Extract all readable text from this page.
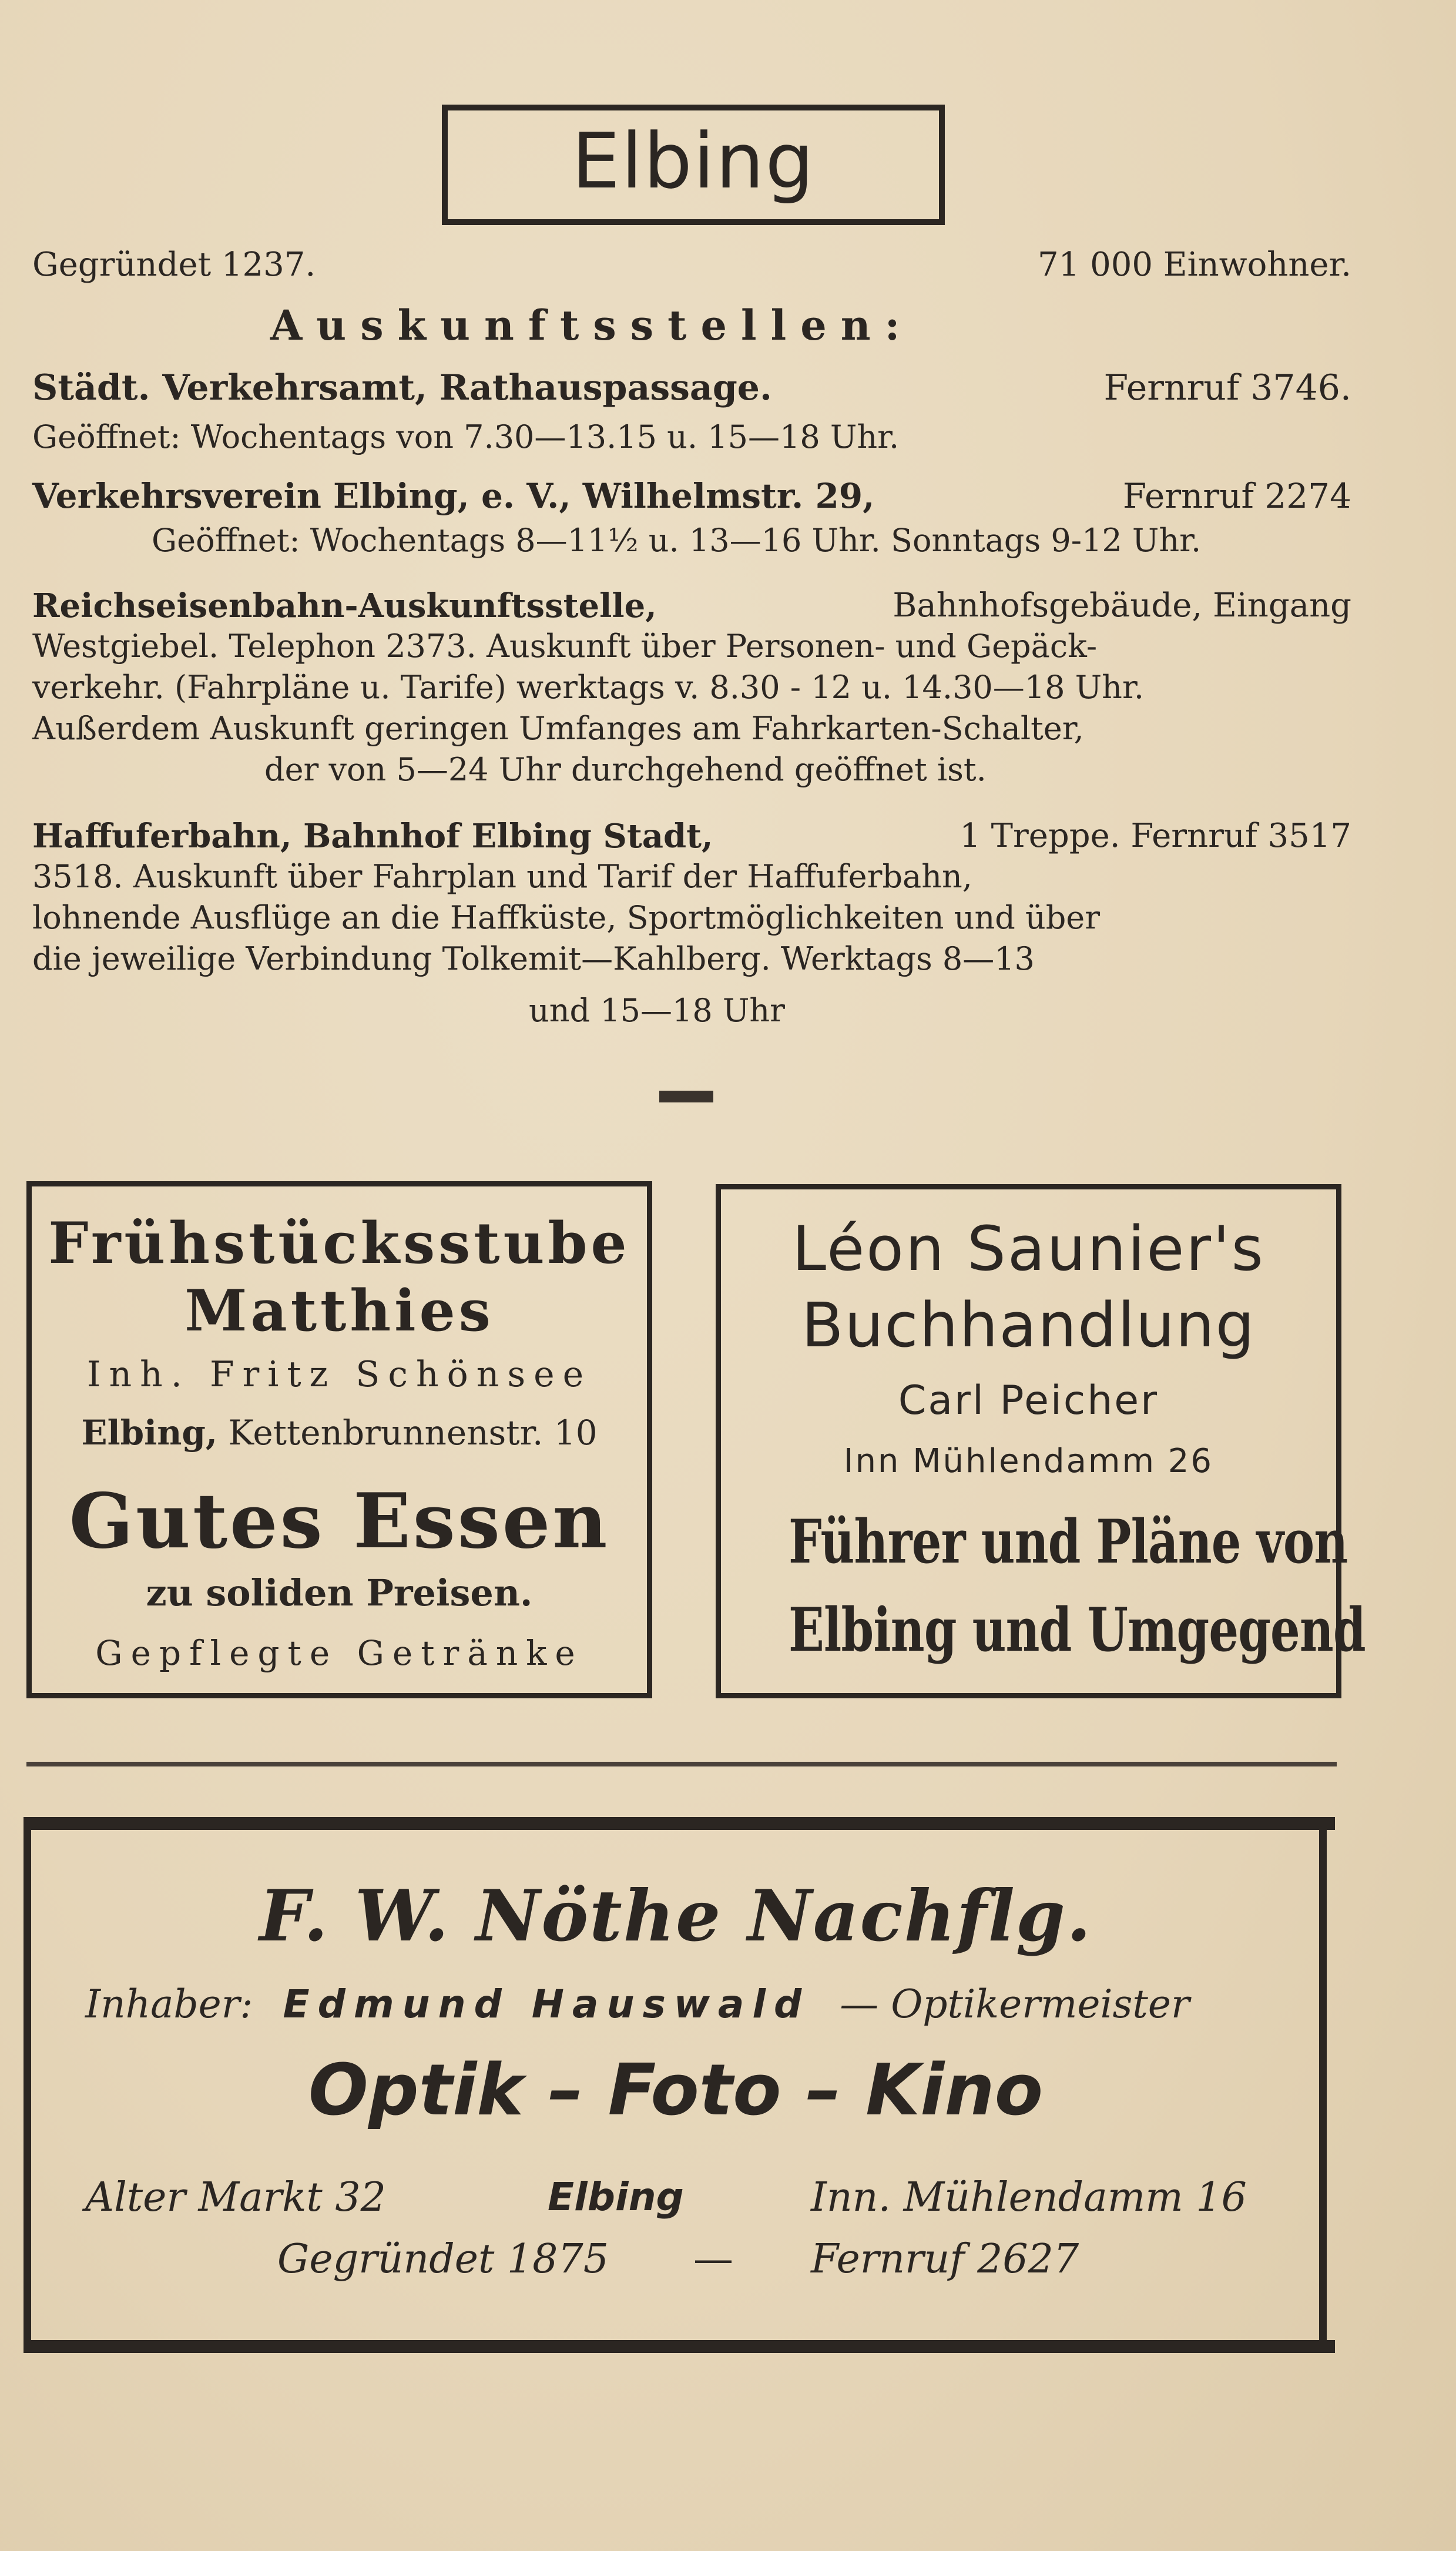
Elbing
Gegründet 1237.	71 000 Einwohner.
Auskunftsstellen:
Städt. Verkehrsamt, Rathauspassage.	Fernruf 3746.
Geöffnet: Wochentags von 7.30—13.15 u. 15—18 Uhr.
Verkehrsverein Elbing, e. V., Wilhelmstr. 29,	Fernruf 2274
Geöffnet: Wochentags 8—11½ u. 13—16 Uhr. Sonntags 9-12 Uhr.
Reichseisenbahn-Auskunftsstelle,	Bahnhofsgebäude, Eingang
Westgiebel. Telephon 2373. Auskunft über Personen- und Gepäck-
verkehr. (Fahrpläne u. Tarife) werktags v. 8.30 - 12 u. 14.30—18 Uhr.
Außerdem Auskunft geringen Umfanges am Fahrkarten-Schalter,
der von 5—24 Uhr durchgehend geöffnet ist.
Haffuferbahn, Bahnhof Elbing Stadt,	1 Treppe. Fernruf 3517
3518. Auskunft über Fahrplan und Tarif der Haffuferbahn,
lohnende Ausflüge an die Haffküste, Sportmöglichkeiten und über
die jeweilige Verbindung Tolkemit—Kahlberg. Werktags 8—13
und 15—18 Uhr
Frühstücksstube
Matthies
Inh. Fritz Schönsee
Elbing, Kettenbrunnenstr. 10
Gutes Essen
zu soliden Preisen.
Gepflegte Getränke
Léon Saunier's
Buchhandlung
Carl Peicher
Inn Mühlendamm 26
Führer und Pläne von
Elbing und Umgegend
F. W. Nöthe Nachflg.
Inhaber: Edmund Hauswald — Optikermeister
Optik – Foto – Kino
Alter Markt 32	Elbing	Inn. Mühlendamm 16
Gegründet 1875 — Fernruf 2627
